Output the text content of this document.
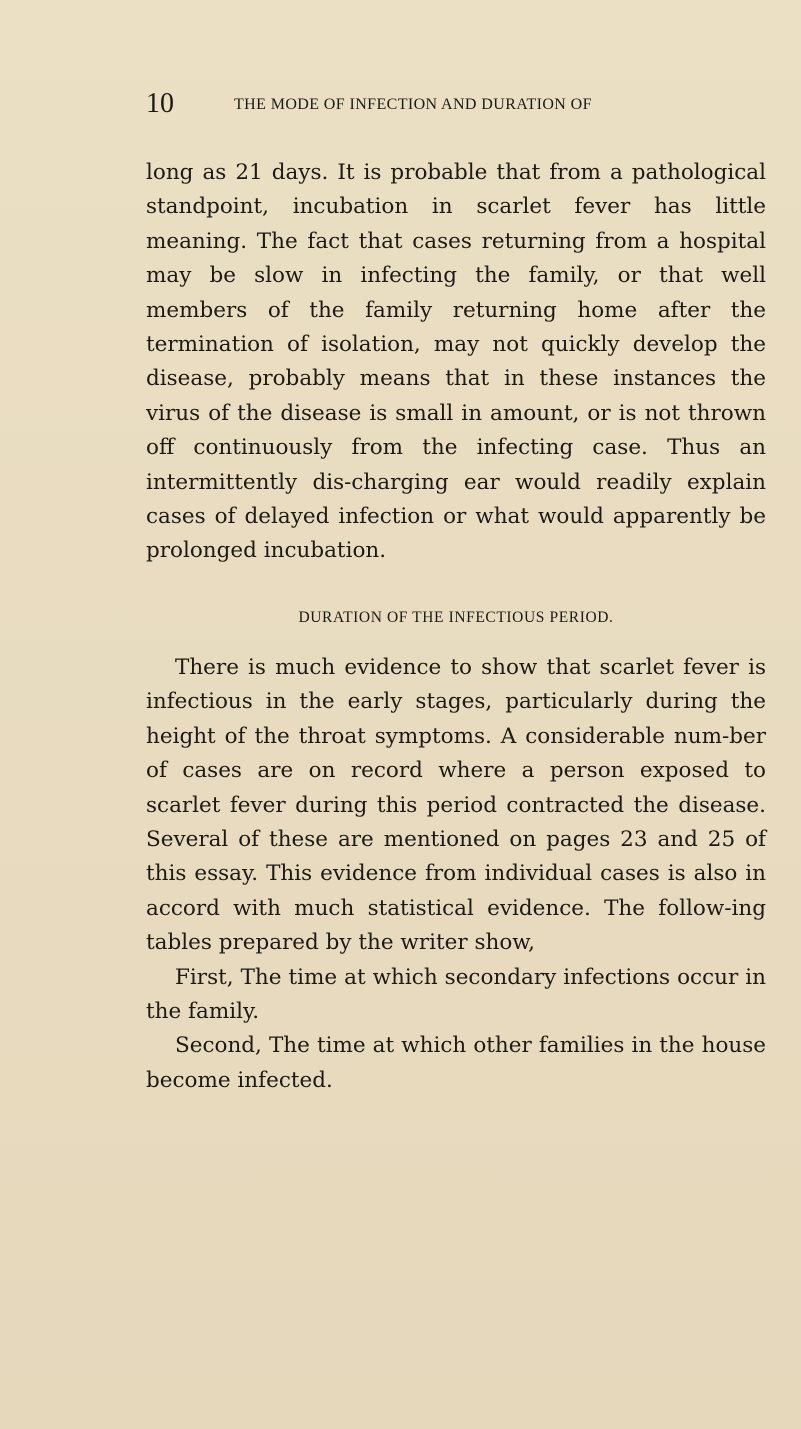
10	THE MODE OF INFECTION AND DURATION OF

long as 21 days. It is probable that from a pathological standpoint, incubation in scarlet fever has little meaning. The fact that cases returning from a hospital may be slow in infecting the family, or that well members of the family returning home after the termination of isolation, may not quickly develop the disease, probably means that in these instances the virus of the disease is small in amount, or is not thrown off continuously from the infecting case. Thus an intermittently dis-charging ear would readily explain cases of delayed infection or what would apparently be prolonged incubation.

DURATION OF THE INFECTIOUS PERIOD.

There is much evidence to show that scarlet fever is infectious in the early stages, particularly during the height of the throat symptoms. A considerable num-ber of cases are on record where a person exposed to scarlet fever during this period contracted the disease. Several of these are mentioned on pages 23 and 25 of this essay. This evidence from individual cases is also in accord with much statistical evidence. The follow-ing tables prepared by the writer show,

First, The time at which secondary infections occur in the family.

Second, The time at which other families in the house become infected.
